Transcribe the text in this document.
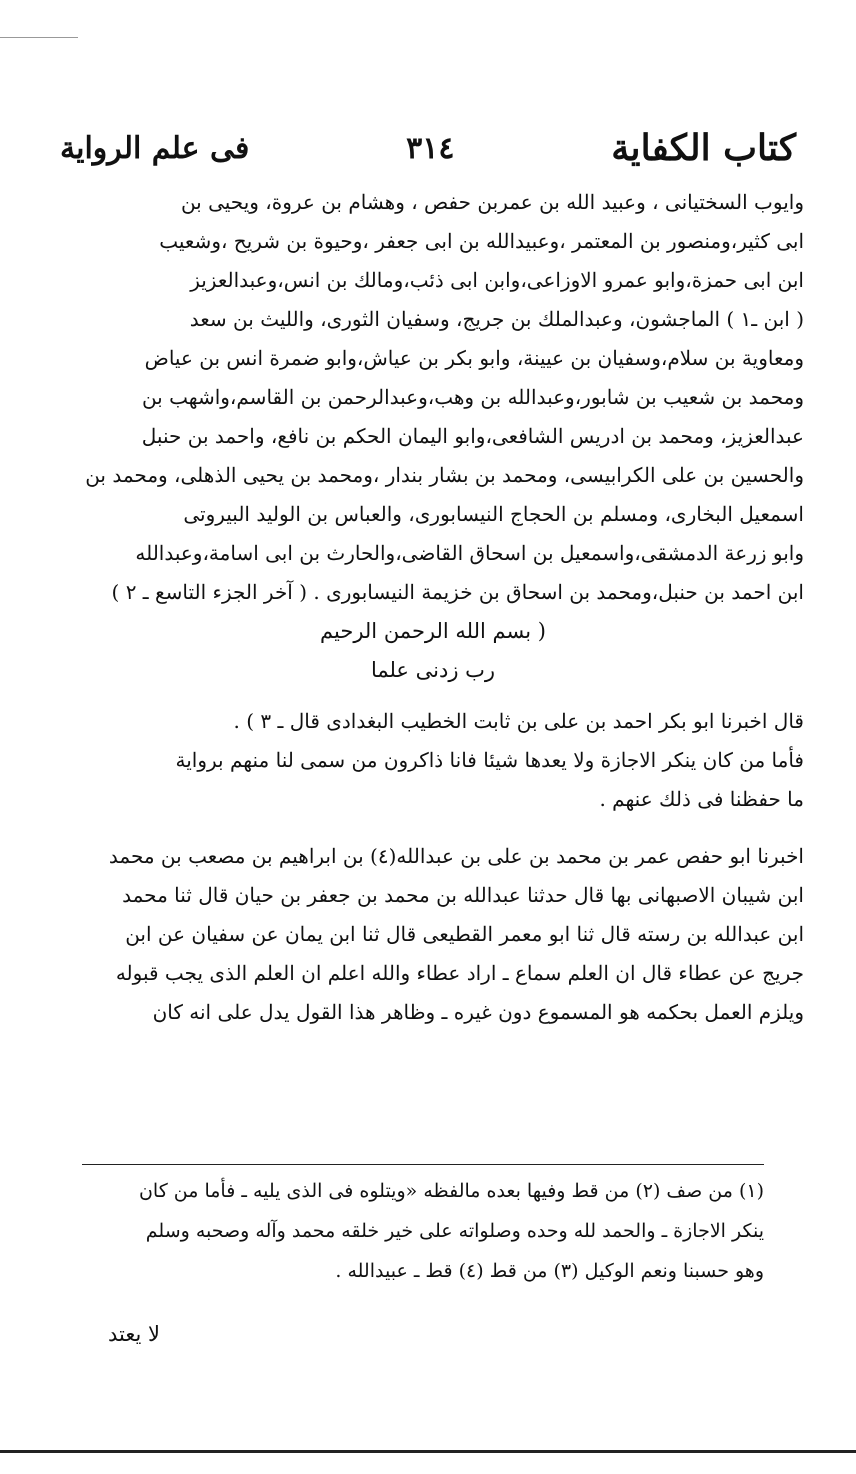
كتاب الكفاية
٣١٤
فى علم الرواية
وايوب السختيانى ، وعبيد الله بن عمربن حفص ، وهشام بن عروة، ويحيى بن
ابى كثير،ومنصور بن المعتمر ،وعبيدالله بن ابى جعفر ،وحيوة بن شريح ،وشعيب
ابن ابى حمزة،وابو عمرو الاوزاعى،وابن ابى ذئب،ومالك بن انس،وعبدالعزيز
( ابن ـ١ ) الماجشون، وعبدالملك بن جريج، وسفيان الثورى، والليث بن سعد
ومعاوية بن سلام،وسفيان بن عيينة، وابو بكر بن عياش،وابو ضمرة انس بن عياض
ومحمد بن شعيب بن شابور،وعبدالله بن وهب،وعبدالرحمن بن القاسم،واشهب بن
عبدالعزيز، ومحمد بن ادريس الشافعى،وابو اليمان الحكم بن نافع، واحمد بن حنبل
والحسين بن على الكرابيسى، ومحمد بن بشار بندار ،ومحمد بن يحيى الذهلى، ومحمد بن
اسمعيل البخارى، ومسلم بن الحجاج النيسابورى، والعباس بن الوليد البيروتى
وابو زرعة الدمشقى،واسمعيل بن اسحاق القاضى،والحارث بن ابى اسامة،وعبدالله
ابن احمد بن حنبل،ومحمد بن اسحاق بن خزيمة النيسابورى . ( آخر الجزء التاسع ـ ٢ )
( بسم الله الرحمن الرحيم
رب زدنى علما
قال اخبرنا ابو بكر احمد بن على بن ثابت الخطيب البغدادى قال ـ ٣ ) .
فأما من كان ينكر الاجازة ولا يعدها شيئا فانا ذاكرون من سمى لنا منهم برواية
ما حفظنا فى ذلك عنهم .
اخبرنا ابو حفص عمر بن محمد بن على بن عبدالله(٤) بن ابراهيم بن مصعب بن محمد
ابن شيبان الاصبهانى بها قال حدثنا عبدالله بن محمد بن جعفر بن حيان قال ثنا محمد
ابن عبدالله بن رسته قال ثنا ابو معمر القطيعى قال ثنا ابن يمان عن سفيان عن ابن
جريج عن عطاء قال ان العلم سماع ـ اراد عطاء والله اعلم ان العلم الذى يجب قبوله
ويلزم العمل بحكمه هو المسموع دون غيره ـ وظاهر هذا القول يدل على انه كان
(١) من صف (٢) من قط وفيها بعده مالفظه «ويتلوه فى الذى يليه ـ فأما من كان
ينكر الاجازة ـ والحمد لله وحده وصلواته على خير خلقه محمد وآله وصحبه وسلم
وهو حسبنا ونعم الوكيل (٣) من قط (٤) قط ـ عبيدالله .
لا يعتد
